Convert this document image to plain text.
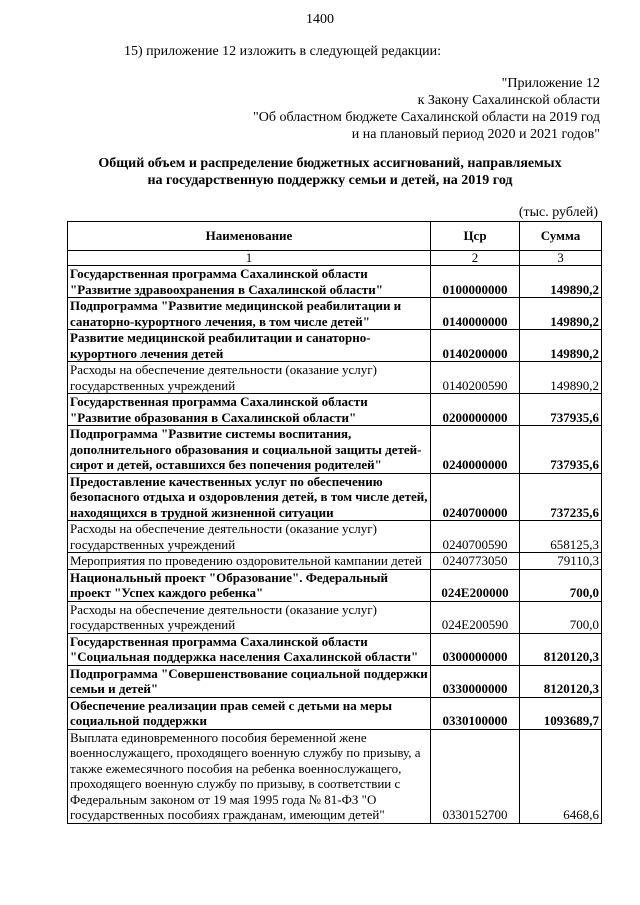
1400
15) приложение 12 изложить в следующей редакции:
"Приложение 12
к Закону Сахалинской области
"Об областном бюджете Сахалинской области на 2019 год
и на плановый период 2020 и 2021 годов"
Общий объем и распределение бюджетных ассигнований, направляемых
на государственную поддержку семьи и детей, на 2019 год
(тыс. рублей)
Наименование	Цср	Сумма
1	2	3
Государственная программа Сахалинской области "Развитие здравоохранения в Сахалинской области"	0100000000	149890,2
Подпрограмма "Развитие медицинской реабилитации и санаторно-курортного лечения, в том числе детей"	0140000000	149890,2
Развитие медицинской реабилитации и санаторно-курортного лечения детей	0140200000	149890,2
Расходы на обеспечение деятельности (оказание услуг) государственных учреждений	0140200590	149890,2
Государственная программа Сахалинской области "Развитие образования в Сахалинской области"	0200000000	737935,6
Подпрограмма "Развитие системы воспитания, дополнительного образования и социальной защиты детей-сирот и детей, оставшихся без попечения родителей"	0240000000	737935,6
Предоставление качественных услуг по обеспечению безопасного отдыха и оздоровления детей, в том числе детей, находящихся в трудной жизненной ситуации	0240700000	737235,6
Расходы на обеспечение деятельности (оказание услуг) государственных учреждений	0240700590	658125,3
Мероприятия по проведению оздоровительной кампании детей	0240773050	79110,3
Национальный проект "Образование". Федеральный проект "Успех каждого ребенка"	024Е200000	700,0
Расходы на обеспечение деятельности (оказание услуг) государственных учреждений	024Е200590	700,0
Государственная программа Сахалинской области "Социальная поддержка населения Сахалинской области"	0300000000	8120120,3
Подпрограмма "Совершенствование социальной поддержки семьи и детей"	0330000000	8120120,3
Обеспечение реализации прав семей с детьми на меры социальной поддержки	0330100000	1093689,7
Выплата единовременного пособия беременной жене военнослужащего, проходящего военную службу по призыву, а также ежемесячного пособия на ребенка военнослужащего, проходящего военную службу по призыву, в соответствии с Федеральным законом от 19 мая 1995 года № 81-ФЗ "О государственных пособиях гражданам, имеющим детей"	0330152700	6468,6
